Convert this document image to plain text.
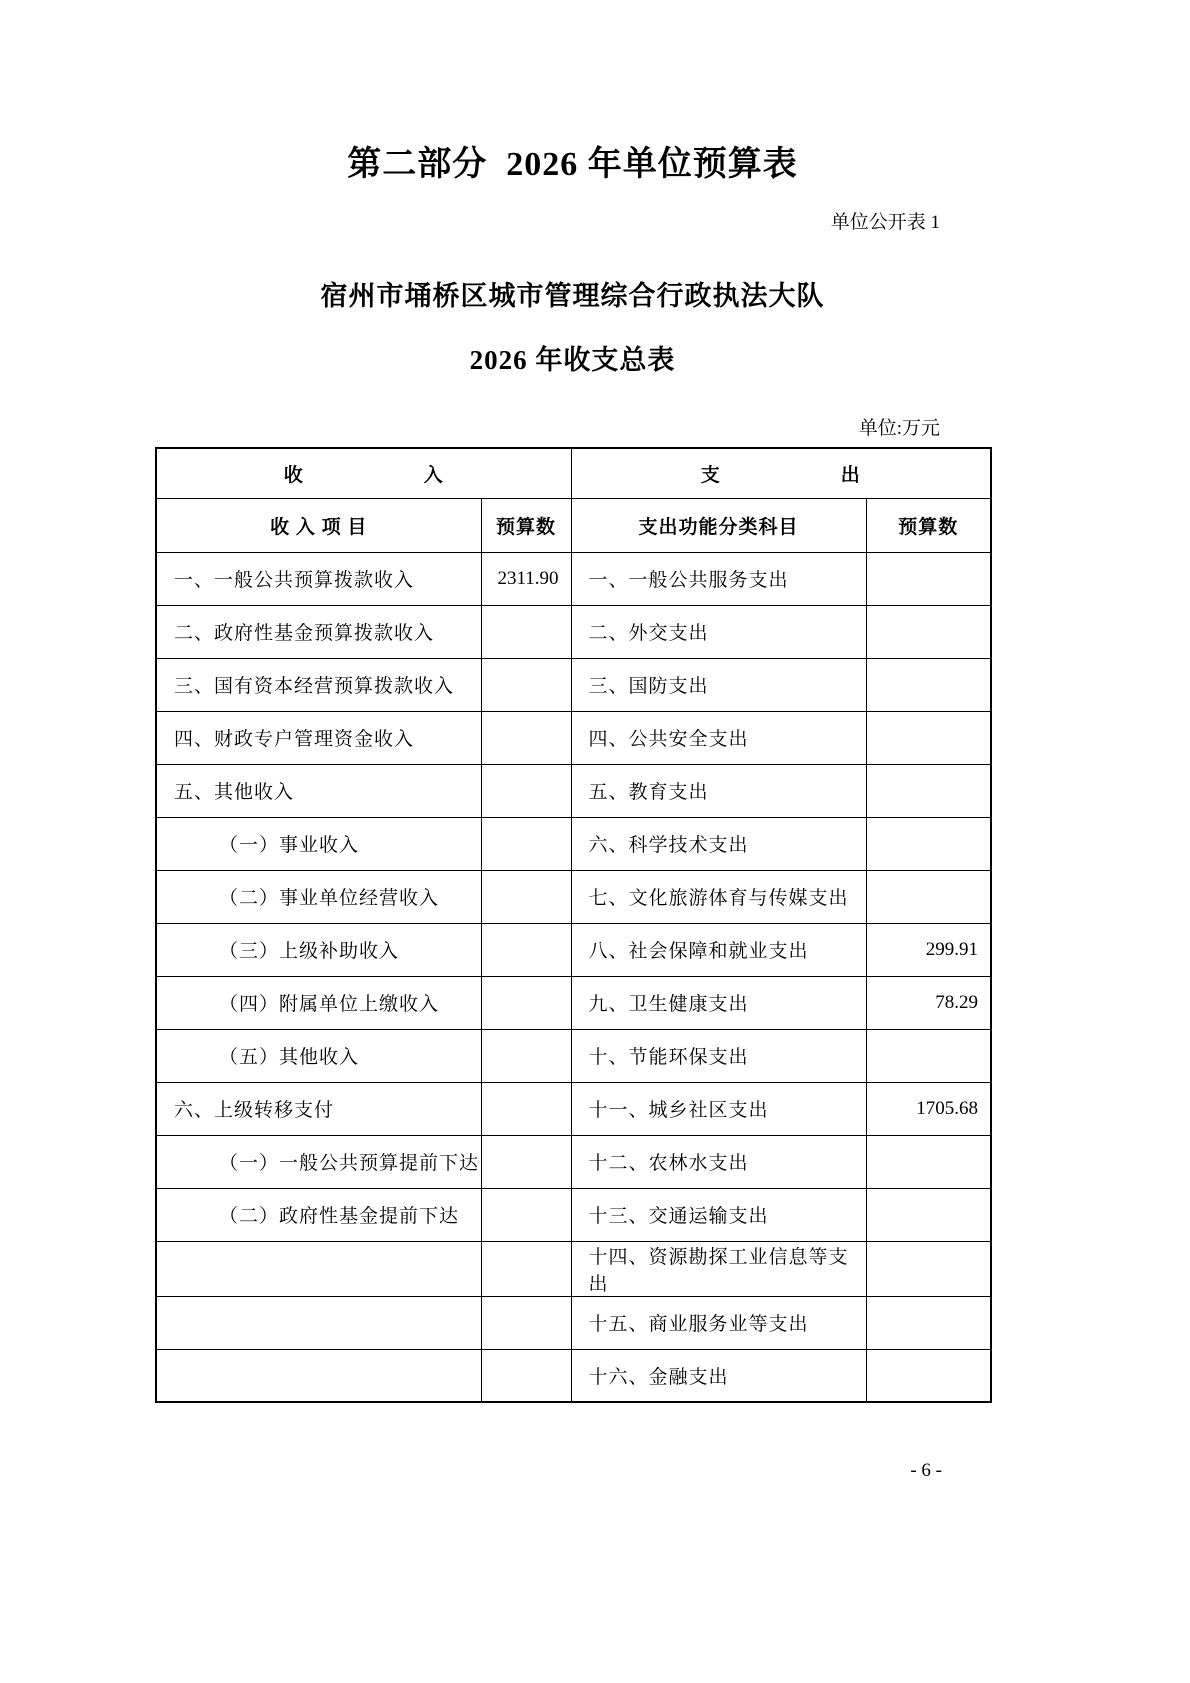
第二部分  2026 年单位预算表
单位公开表 1
宿州市埇桥区城市管理综合行政执法大队
2026 年收支总表
单位:万元
收　　　　　　入		支　　　　　　出	
收 入 项 目	预算数	支出功能分类科目	预算数
一、一般公共预算拨款收入	2311.90	一、一般公共服务支出	
二、政府性基金预算拨款收入		二、外交支出	
三、国有资本经营预算拨款收入		三、国防支出	
四、财政专户管理资金收入		四、公共安全支出	
五、其他收入		五、教育支出	
（一）事业收入		六、科学技术支出	
（二）事业单位经营收入		七、文化旅游体育与传媒支出	
（三）上级补助收入		八、社会保障和就业支出	299.91
（四）附属单位上缴收入		九、卫生健康支出	78.29
（五）其他收入		十、节能环保支出	
六、上级转移支付		十一、城乡社区支出	1705.68
（一）一般公共预算提前下达		十二、农林水支出	
（二）政府性基金提前下达		十三、交通运输支出	
		十四、资源勘探工业信息等支出	
		十五、商业服务业等支出	
		十六、金融支出	
- 6 -
